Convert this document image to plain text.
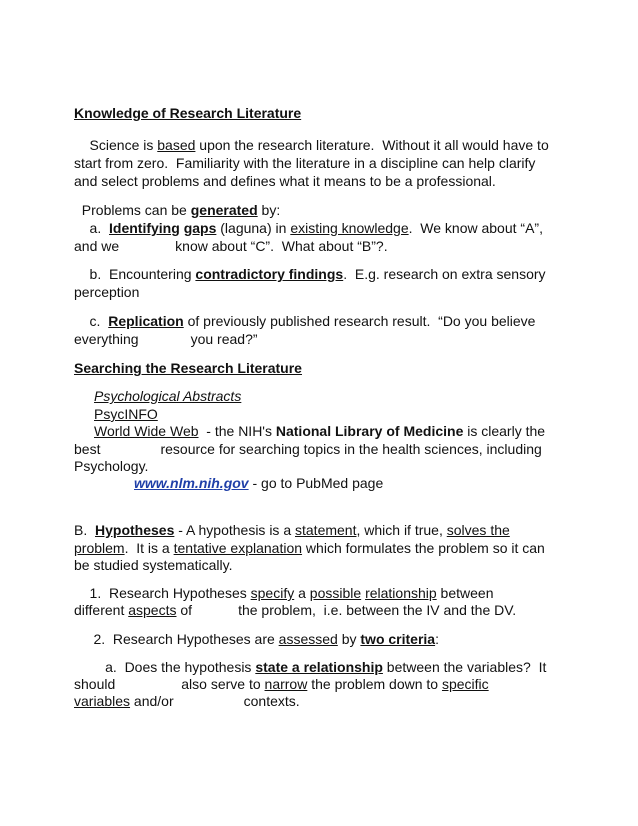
Knowledge of Research Literature
Science is based upon the research literature.  Without it all would have to
start from zero.  Familiarity with the literature in a discipline can help clarify
and select problems and defines what it means to be a professional.
Problems can be generated by:
a.  Identifying gaps (laguna) in existing knowledge.  We know about “A”,
and we	know about “C”.  What about “B”?.
b.  Encountering contradictory findings.  E.g. research on extra sensory
perception
c.  Replication of previously published research result.  “Do you believe
everything	you read?”
Searching the Research Literature
Psychological Abstracts
PsycINFO
World Wide Web  - the NIH's National Library of Medicine is clearly the
best	resource for searching topics in the health sciences, including
Psychology.
www.nlm.nih.gov - go to PubMed page
B.  Hypotheses - A hypothesis is a statement, which if true, solves the
problem.  It is a tentative explanation which formulates the problem so it can
be studied systematically.
1.  Research Hypotheses specify a possible relationship between
different aspects of	the problem,  i.e. between the IV and the DV.
2.  Research Hypotheses are assessed by two criteria:
a.  Does the hypothesis state a relationship between the variables?  It
should	also serve to narrow the problem down to specific
variables and/or	contexts.
